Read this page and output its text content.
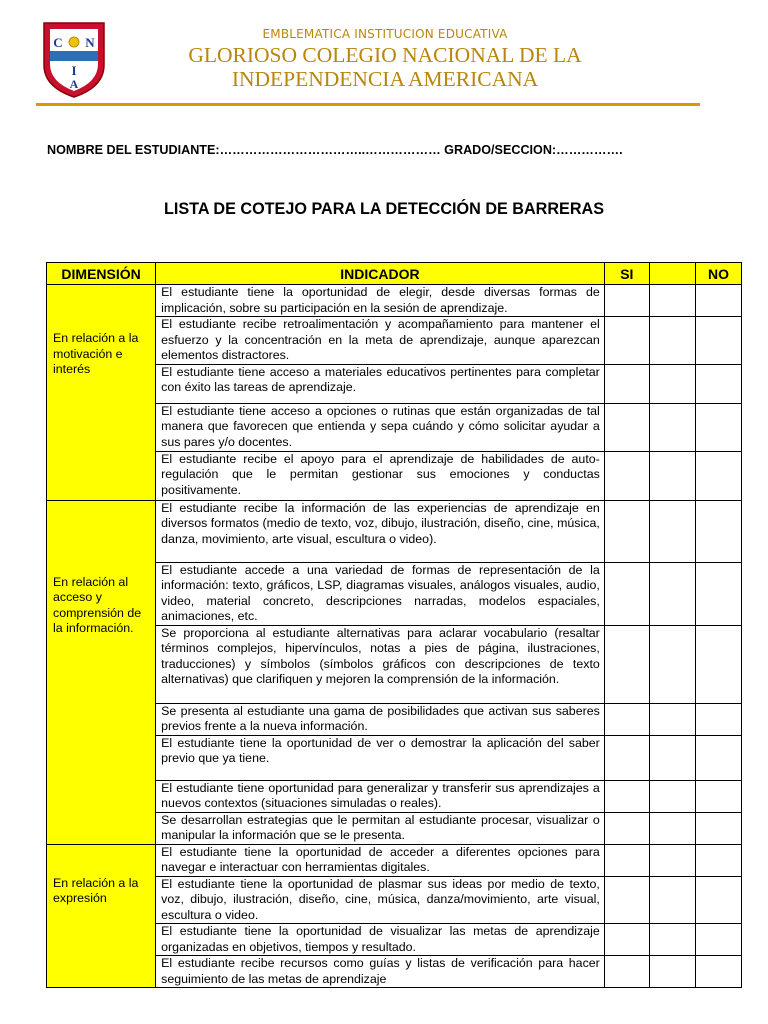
C N
I
A
EMBLEMATICA INSTITUCION EDUCATIVA
GLORIOSO COLEGIO NACIONAL DE LA
INDEPENDENCIA AMERICANA
NOMBRE DEL ESTUDIANTE:……………………………..……………… GRADO/SECCION:…………….
LISTA DE COTEJO PARA LA DETECCIÓN DE BARRERAS
DIMENSIÓN	INDICADOR	SI		NO

En relación a la motivación e interés	El estudiante tiene la oportunidad de elegir, desde diversas formas de implicación, sobre su participación en la sesión de aprendizaje.			
	El estudiante recibe retroalimentación y acompañamiento para mantener el esfuerzo y la concentración en la meta de aprendizaje, aunque aparezcan elementos distractores.			
	El estudiante tiene acceso a materiales educativos pertinentes para completar con éxito las tareas de aprendizaje.			
	El estudiante tiene acceso a opciones o rutinas que están organizadas de tal manera que favorecen que entienda y sepa cuándo y cómo solicitar ayudar a sus pares y/o docentes.			
	El estudiante recibe el apoyo para el aprendizaje de habilidades de auto-regulación que le permitan gestionar sus emociones y conductas positivamente.			

En relación al acceso y comprensión de la información.	El estudiante recibe la información de las experiencias de aprendizaje en diversos formatos (medio de texto, voz, dibujo, ilustración, diseño, cine, música, danza, movimiento, arte visual, escultura o video).			
	El estudiante accede a una variedad de formas de representación de la información: texto, gráficos, LSP, diagramas visuales, análogos visuales, audio, video, material concreto, descripciones narradas, modelos espaciales, animaciones, etc.			
	Se proporciona al estudiante alternativas para aclarar vocabulario (resaltar términos complejos, hipervínculos, notas a pies de página, ilustraciones, traducciones) y símbolos (símbolos gráficos con descripciones de texto alternativas) que clarifiquen y mejoren la comprensión de la información.			
	Se presenta al estudiante una gama de posibilidades que activan sus saberes previos frente a la nueva información.			
	El estudiante tiene la oportunidad de ver o demostrar la aplicación del saber previo que ya tiene.			
	El estudiante tiene oportunidad para generalizar y transferir sus aprendizajes a nuevos contextos (situaciones simuladas o reales).			
	Se desarrollan estrategias que le permitan al estudiante procesar, visualizar o manipular la información que se le presenta.			

En relación a la expresión	El estudiante tiene la oportunidad de acceder a diferentes opciones para navegar e interactuar con herramientas digitales.			
	El estudiante tiene la oportunidad de plasmar sus ideas por medio de texto, voz, dibujo, ilustración, diseño, cine, música, danza/movimiento, arte visual, escultura o video.			
	El estudiante tiene la oportunidad de visualizar las metas de aprendizaje organizadas en objetivos, tiempos y resultado.			
	El estudiante recibe recursos como guías y listas de verificación para hacer seguimiento de las metas de aprendizaje			
